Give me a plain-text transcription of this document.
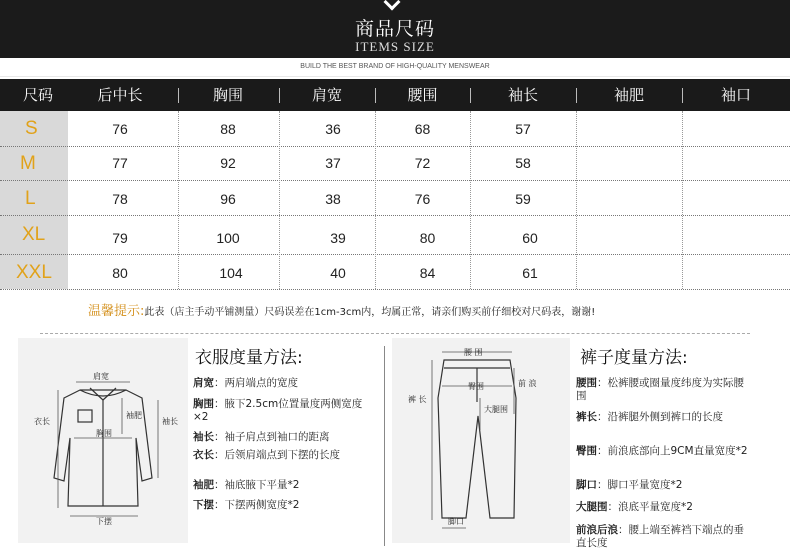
商品尺码
ITEMS SIZE
BUILD THE BEST BRAND OF HIGH-QUALITY MENSWEAR
尺码	后中长	胸围	肩宽	腰围	袖长	袖肥	袖口
S	76	88	36	68	57
M	77	92	37	72	58
L	78	96	38	76	59
XL	79	100	39	80	60
XXL	80	104	40	84	61
温馨提示:此表（店主手动平铺测量）尺码误差在1cm-3cm内，均属正常，请亲们购买前仔细校对尺码表，谢谢!
肩宽
衣长	袖长
袖肥
胸围
下摆
衣服度量方法:
肩宽：两肩端点的宽度
胸围：腋下2.5cm位置量度两侧宽度×2
袖长：袖子肩点到袖口的距离
衣长：后领肩端点到下摆的长度
袖肥：袖底腋下平量*2
下摆：下摆两侧宽度*2
腰 围
臀围	前 浪
裤 长
大腿围
脚口
裤子度量方法:
腰围：松裤腰或圈量度纬度为实际腰围
裤长：沿裤腿外侧到裤口的长度
臀围：前浪底部向上9CM直量宽度*2
脚口：脚口平量宽度*2
大腿围：浪底平量宽度*2
前浪后浪：腰上端至裤裆下端点的垂直长度
